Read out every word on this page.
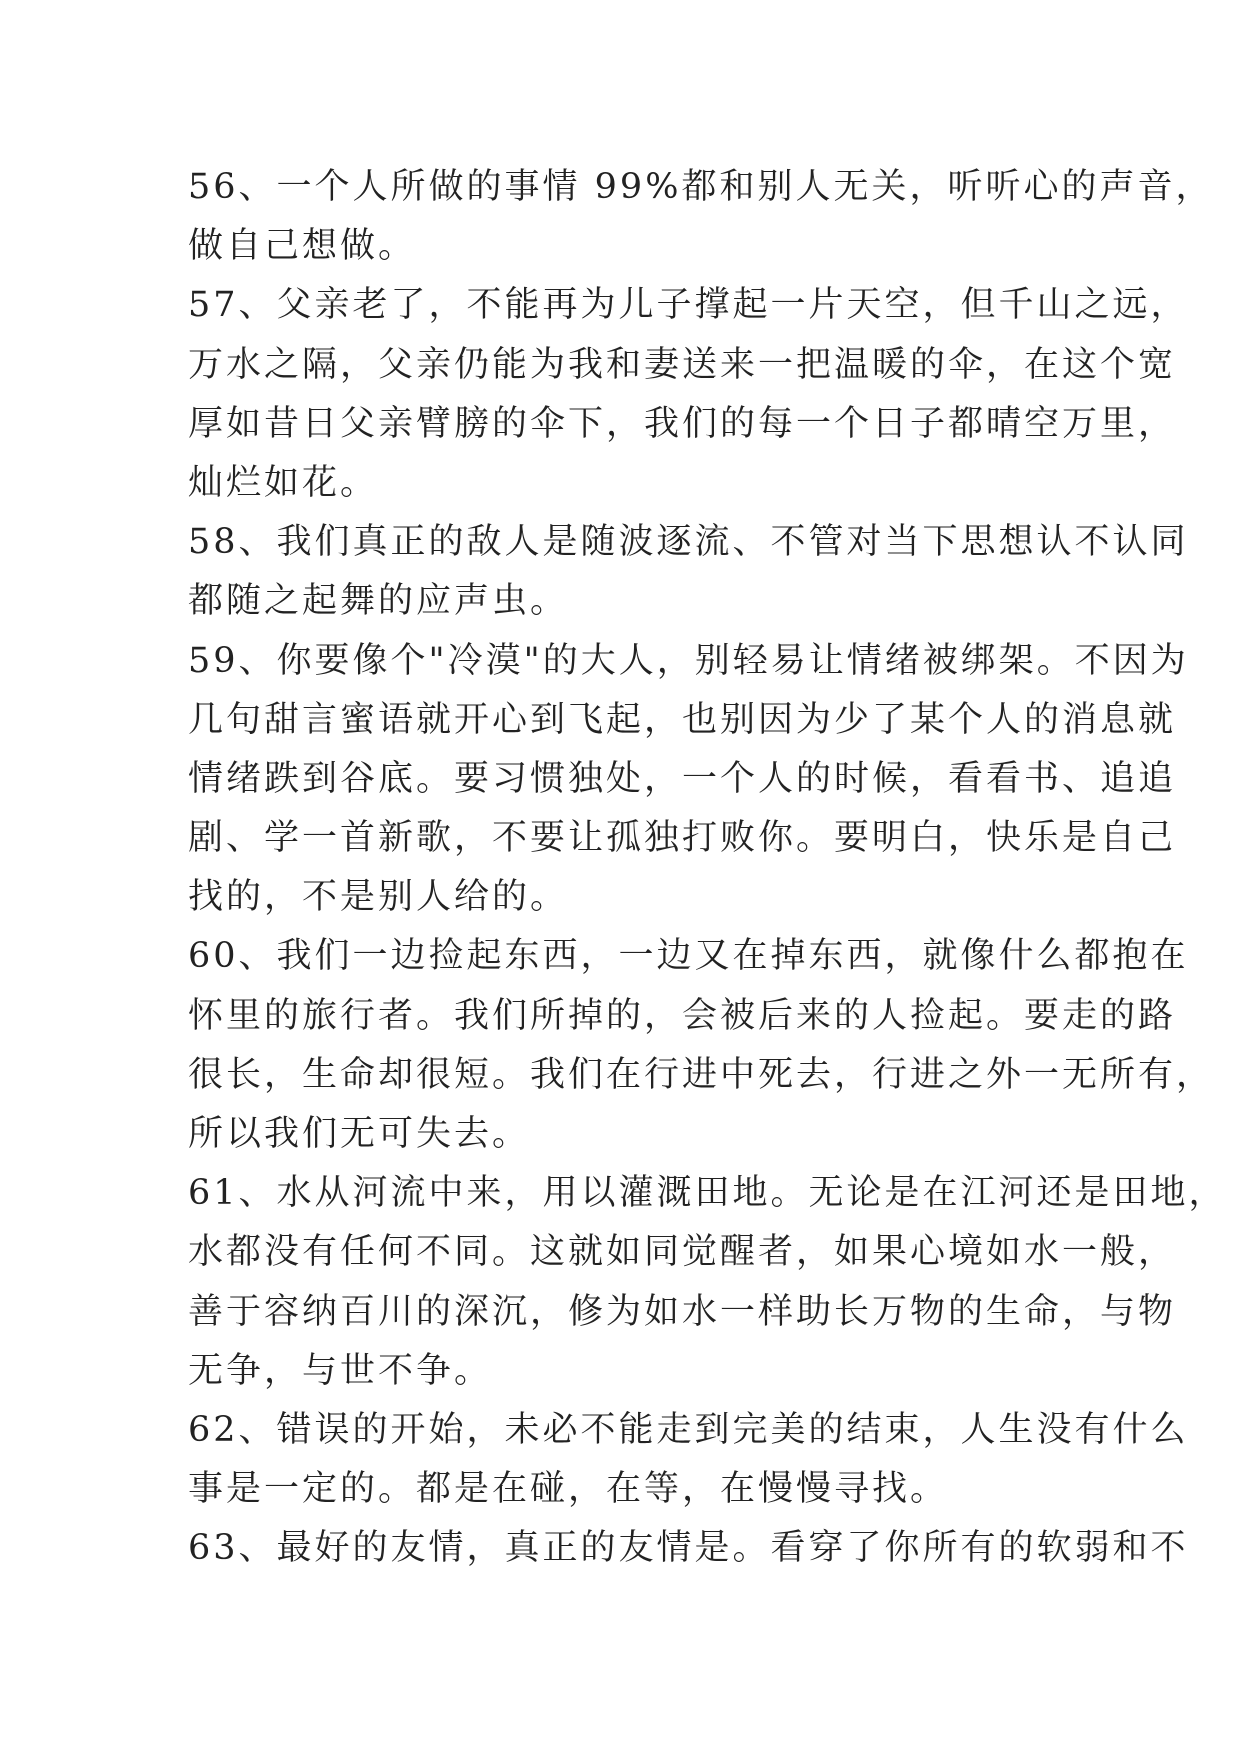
56、一个人所做的事情 99%都和别人无关，听听心的声音，
做自己想做。
57、父亲老了，不能再为儿子撑起一片天空，但千山之远，
万水之隔，父亲仍能为我和妻送来一把温暖的伞，在这个宽
厚如昔日父亲臂膀的伞下，我们的每一个日子都晴空万里，
灿烂如花。
58、我们真正的敌人是随波逐流、不管对当下思想认不认同
都随之起舞的应声虫。
59、你要像个"冷漠"的大人，别轻易让情绪被绑架。不因为
几句甜言蜜语就开心到飞起，也别因为少了某个人的消息就
情绪跌到谷底。要习惯独处，一个人的时候，看看书、追追
剧、学一首新歌，不要让孤独打败你。要明白，快乐是自己
找的，不是别人给的。
60、我们一边捡起东西，一边又在掉东西，就像什么都抱在
怀里的旅行者。我们所掉的，会被后来的人捡起。要走的路
很长，生命却很短。我们在行进中死去，行进之外一无所有，
所以我们无可失去。
61、水从河流中来，用以灌溉田地。无论是在江河还是田地，
水都没有任何不同。这就如同觉醒者，如果心境如水一般，
善于容纳百川的深沉，修为如水一样助长万物的生命，与物
无争，与世不争。
62、错误的开始，未必不能走到完美的结束，人生没有什么
事是一定的。都是在碰，在等，在慢慢寻找。
63、最好的友情，真正的友情是。看穿了你所有的软弱和不
